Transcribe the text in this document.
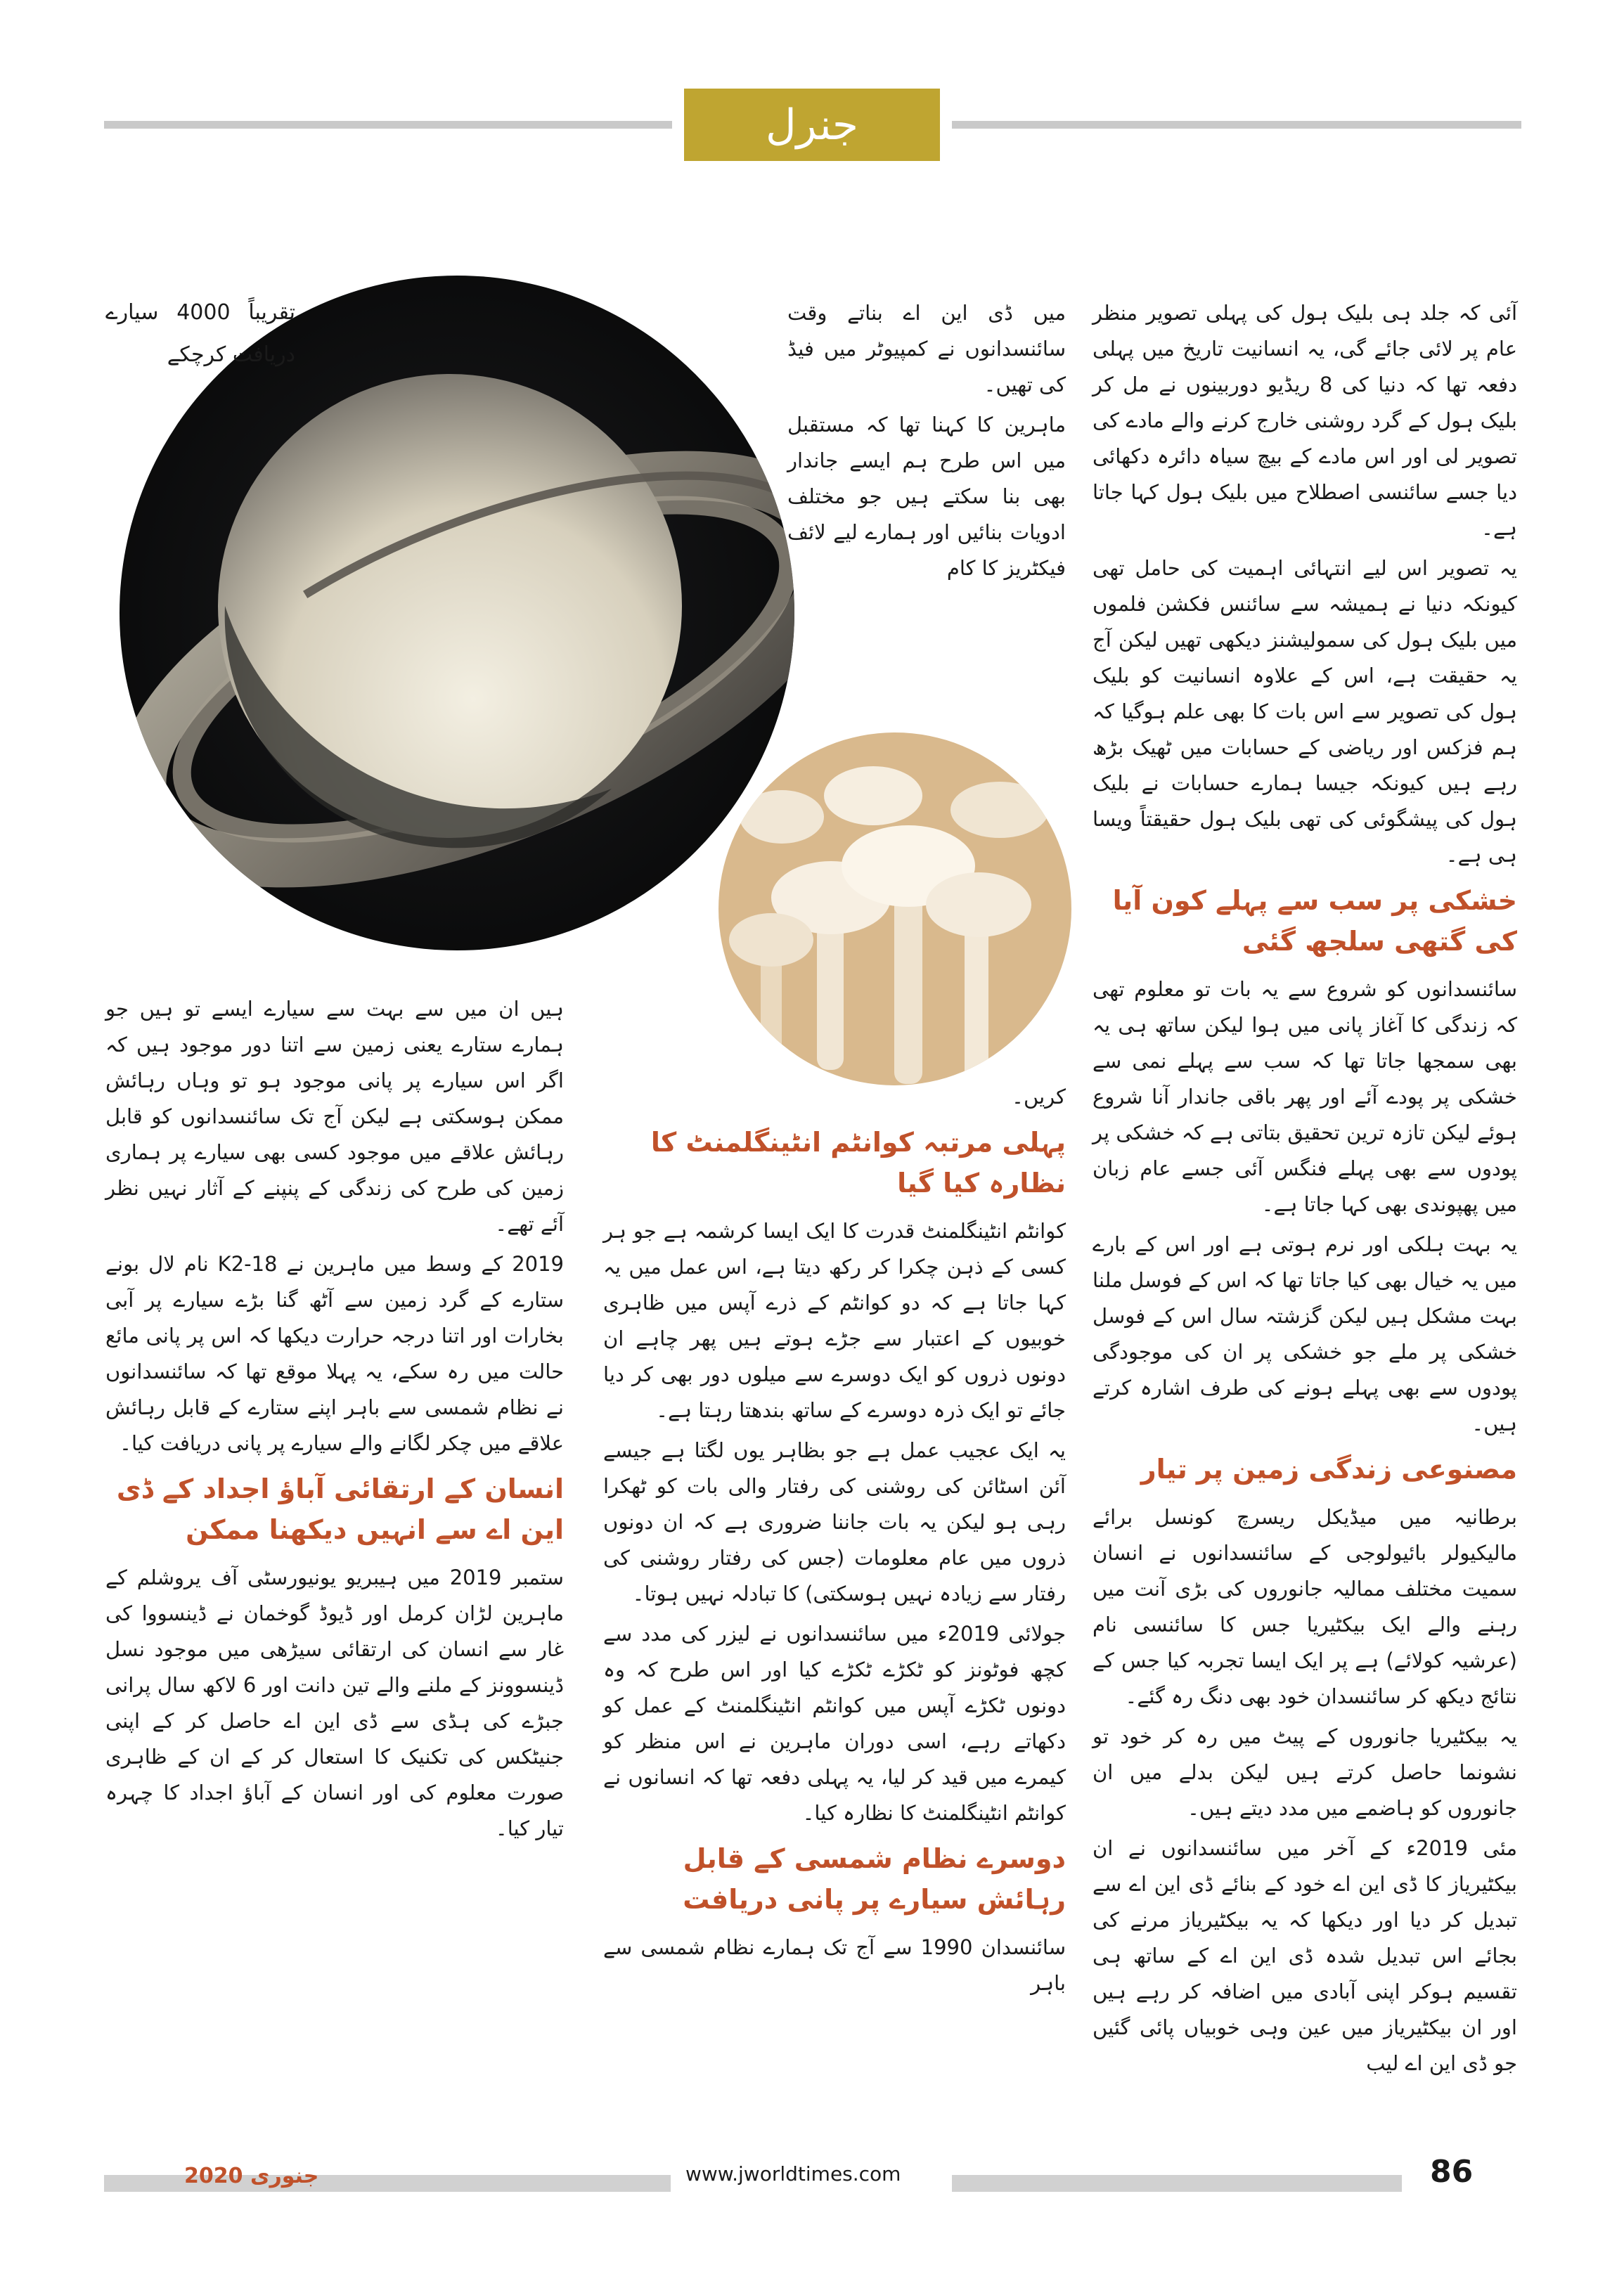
جنرل

تقریباً 4000 سیارے دریافت کرچکے

آئی کہ جلد ہی بلیک ہول کی پہلی تصویر منظر عام پر لائی جائے گی، یہ انسانیت تاریخ میں پہلی دفعہ تھا کہ دنیا کی 8 ریڈیو دوربینوں نے مل کر بلیک ہول کے گرد روشنی خارج کرنے والے مادے کی تصویر لی اور اس مادے کے بیچ سیاہ دائرہ دکھائی دیا جسے سائنسی اصطلاح میں بلیک ہول کہا جاتا ہے۔

یہ تصویر اس لیے انتہائی اہمیت کی حامل تھی کیونکہ دنیا نے ہمیشہ سے سائنس فکشن فلموں میں بلیک ہول کی سمولیشنز دیکھی تھیں لیکن آج یہ حقیقت ہے، اس کے علاوہ انسانیت کو بلیک ہول کی تصویر سے اس بات کا بھی علم ہوگیا کہ ہم فزکس اور ریاضی کے حسابات میں ٹھیک بڑھ رہے ہیں کیونکہ جیسا ہمارے حسابات نے بلیک ہول کی پیشگوئی کی تھی بلیک ہول حقیقتاً ویسا ہی ہے۔

خشکی پر سب سے پہلے کون آیا کی گتھی سلجھ گئی

سائنسدانوں کو شروع سے یہ بات تو معلوم تھی کہ زندگی کا آغاز پانی میں ہوا لیکن ساتھ ہی یہ بھی سمجھا جاتا تھا کہ سب سے پہلے نمی سے خشکی پر پودے آئے اور پھر باقی جاندار آنا شروع ہوئے لیکن تازہ ترین تحقیق بتاتی ہے کہ خشکی پر پودوں سے بھی پہلے فنگس آئی جسے عام زبان میں پھپوندی بھی کہا جاتا ہے۔

یہ بہت ہلکی اور نرم ہوتی ہے اور اس کے بارے میں یہ خیال بھی کیا جاتا تھا کہ اس کے فوسل ملنا بہت مشکل ہیں لیکن گزشتہ سال اس کے فوسل خشکی پر ملے جو خشکی پر ان کی موجودگی پودوں سے بھی پہلے ہونے کی طرف اشارہ کرتے ہیں۔

مصنوعی زندگی زمین پر تیار

برطانیہ میں میڈیکل ریسرچ کونسل برائے مالیکیولر بائیولوجی کے سائنسدانوں نے انسان سمیت مختلف ممالیہ جانوروں کی بڑی آنت میں رہنے والے ایک بیکٹیریا جس کا سائنسی نام (عرشیہ کولائے) ہے پر ایک ایسا تجربہ کیا جس کے نتائج دیکھ کر سائنسدان خود بھی دنگ رہ گئے۔

یہ بیکٹیریا جانوروں کے پیٹ میں رہ کر خود تو نشونما حاصل کرتے ہیں لیکن بدلے میں ان جانوروں کو ہاضمے میں مدد دیتے ہیں۔

مئی 2019ء کے آخر میں سائنسدانوں نے ان بیکٹیریاز کا ڈی این اے خود کے بنائے ڈی این اے سے تبدیل کر دیا اور دیکھا کہ یہ بیکٹیریاز مرنے کی بجائے اس تبدیل شدہ ڈی این اے کے ساتھ ہی تقسیم ہوکر اپنی آبادی میں اضافہ کر رہے ہیں اور ان بیکٹیریاز میں عین وہی خوبیاں پائی گئیں جو ڈی این اے لیب

میں ڈی این اے بناتے وقت سائنسدانوں نے کمپیوٹر میں فیڈ کی تھیں۔

ماہرین کا کہنا تھا کہ مستقبل میں اس طرح ہم ایسے جاندار بھی بنا سکتے ہیں جو مختلف ادویات بنائیں اور ہمارے لیے لائف فیکٹریز کا کام

کریں۔

پہلی مرتبہ کوانٹم انٹینگلمنٹ کا نظارہ کیا گیا

کوانٹم انٹینگلمنٹ قدرت کا ایک ایسا کرشمہ ہے جو ہر کسی کے ذہن چکرا کر رکھ دیتا ہے، اس عمل میں یہ کہا جاتا ہے کہ دو کوانٹم کے ذرے آپس میں ظاہری خوبیوں کے اعتبار سے جڑے ہوتے ہیں پھر چاہے ان دونوں ذروں کو ایک دوسرے سے میلوں دور بھی کر دیا جائے تو ایک ذرہ دوسرے کے ساتھ بندھتا رہتا ہے۔

یہ ایک عجیب عمل ہے جو بظاہر یوں لگتا ہے جیسے آئن اسٹائن کی روشنی کی رفتار والی بات کو ٹھکرا رہی ہو لیکن یہ بات جاننا ضروری ہے کہ ان دونوں ذروں میں عام معلومات (جس کی رفتار روشنی کی رفتار سے زیادہ نہیں ہوسکتی) کا تبادلہ نہیں ہوتا۔

جولائی 2019ء میں سائنسدانوں نے لیزر کی مدد سے کچھ فوٹونز کو ٹکڑے ٹکڑے کیا اور اس طرح کہ وہ دونوں ٹکڑے آپس میں کوانٹم انٹینگلمنٹ کے عمل کو دکھاتے رہے، اسی دوران ماہرین نے اس منظر کو کیمرے میں قید کر لیا، یہ پہلی دفعہ تھا کہ انسانوں نے کوانٹم انٹینگلمنٹ کا نظارہ کیا۔

دوسرے نظام شمسی کے قابل رہائش سیارے پر پانی دریافت

سائنسدان 1990 سے آج تک ہمارے نظام شمسی سے باہر

ہیں ان میں سے بہت سے سیارے ایسے تو ہیں جو ہمارے ستارے یعنی زمین سے اتنا دور موجود ہیں کہ اگر اس سیارے پر پانی موجود ہو تو وہاں رہائش ممکن ہوسکتی ہے لیکن آج تک سائنسدانوں کو قابل رہائش علاقے میں موجود کسی بھی سیارے پر ہماری زمین کی طرح کی زندگی کے پنپنے کے آثار نہیں نظر آئے تھے۔

2019 کے وسط میں ماہرین نے K2-18 نام لال بونے ستارے کے گرد زمین سے آٹھ گنا بڑے سیارے پر آبی بخارات اور اتنا درجہ حرارت دیکھا کہ اس پر پانی مائع حالت میں رہ سکے، یہ پہلا موقع تھا کہ سائنسدانوں نے نظام شمسی سے باہر اپنے ستارے کے قابل رہائش علاقے میں چکر لگانے والے سیارے پر پانی دریافت کیا۔

انسان کے ارتقائی آباؤ اجداد کے ڈی این اے سے انہیں دیکھنا ممکن

ستمبر 2019 میں ہیبریو یونیورسٹی آف یروشلم کے ماہرین لڑان کرمل اور ڈیوڈ گوخمان نے ڈینسووا کی غار سے انسان کی ارتقائی سیڑھی میں موجود نسل ڈینسوونز کے ملنے والے تین دانت اور 6 لاکھ سال پرانی جبڑے کی ہڈی سے ڈی این اے حاصل کر کے اپنی جنیٹکس کی تکنیک کا استعال کر کے ان کے ظاہری صورت معلوم کی اور انسان کے آباؤ اجداد کا چہرہ تیار کیا۔

جنوری 2020	www.jworldtimes.com	86
